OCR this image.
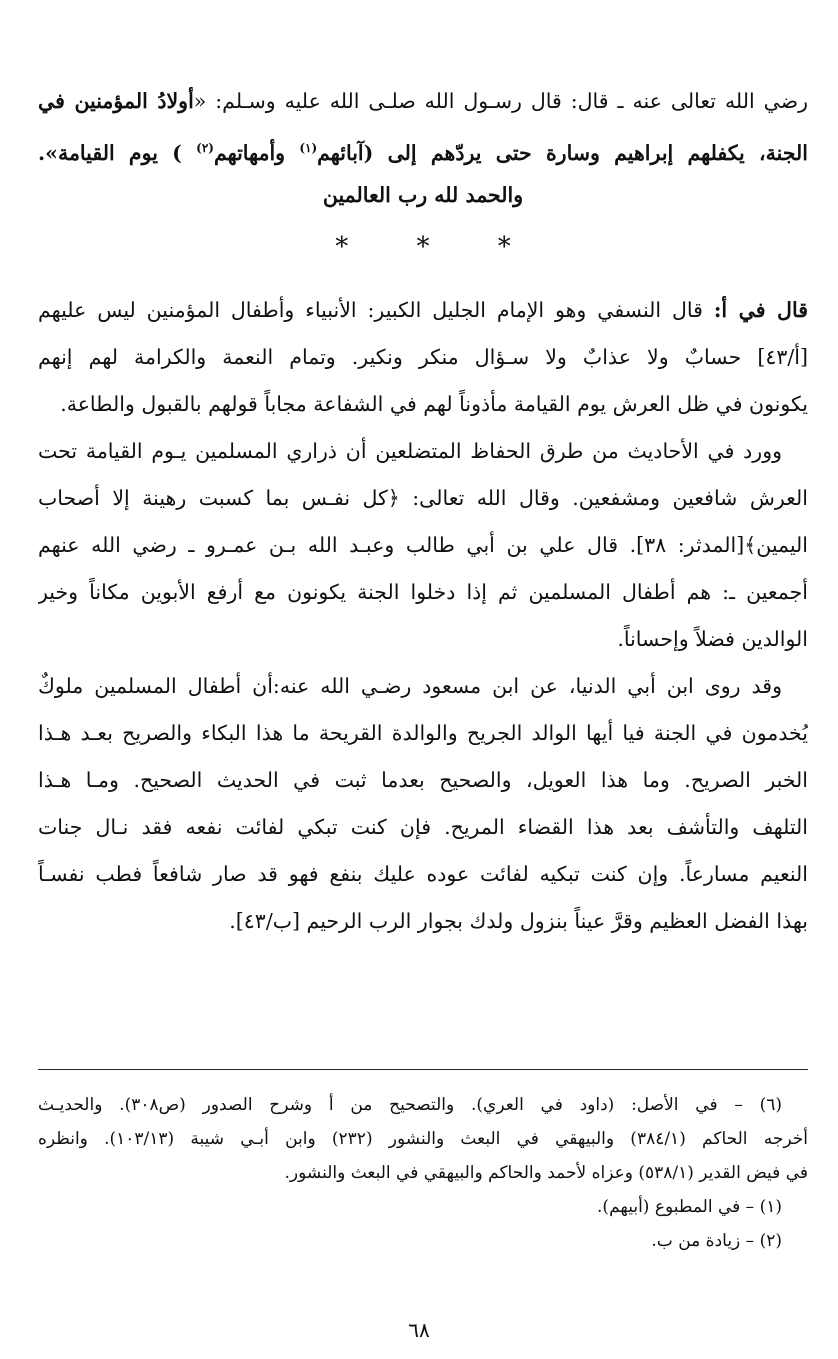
رضي الله تعالى عنه ـ قال: قال رسـول الله صلـى الله عليه وسـلم: «أولادُ المؤمنين في
الجنة، يكفلهم إبراهيم وسارة حتى يردّهم إلى (آبائهم$^{(١)}$ وأمهاتهم$^{(٢)}$ ) يوم القيامة».
والحمد لله رب العالمين
* * *
قال في أ: قال النسفي وهو الإمام الجليل الكبير: الأنبياء وأطفال المؤمنين ليس عليهم
[أ/٤٣] حسابٌ ولا عذابٌ ولا سـؤال منكر ونكير. وتمام النعمة والكرامة لهم إنهم
يكونون في ظل العرش يوم القيامة مأذوناً لهم في الشفاعة مجاباً قولهم بالقبول والطاعة.
وورد في الأحاديث من طرق الحفاظ المتضلعين أن ذراري المسلمين يـوم القيامة تحت
العرش شافعين ومشفعين. وقال الله تعالى: ﴿كل نفـس بما كسبت رهينة إلا أصحاب
اليمين﴾[المدثر: ٣٨]. قال علي بن أبي طالب وعبـد الله بـن عمـرو ـ رضي الله عنهم
أجمعين ـ: هم أطفال المسلمين ثم إذا دخلوا الجنة يكونون مع أرفع الأبوين مكاناً وخير
الوالدين فضلاً وإحساناً.
وقد روى ابن أبي الدنيا، عن ابن مسعود رضـي الله عنه:أن أطفال المسلمين ملوكٌ
يُخدمون في الجنة فيا أيها الوالد الجريح والوالدة القريحة ما هذا البكاء والصريح بعـد هـذا
الخبر الصريح. وما هذا العويل، والصحيح بعدما ثبت في الحديث الصحيح. ومـا هـذا
التلهف والتأشف بعد هذا القضاء المريح. فإن كنت تبكي لفائت نفعه فقد نـال جنات
النعيم مسارعاً. وإن كنت تبكيه لفائت عوده عليك بنفع فهو قد صار شافعاً فطب نفسـاً
بهذا الفضل العظيم وقرَّ عيناً بنزول ولدك بجوار الرب الرحيم [ب/٤٣].
(٦) – في الأصل: (داود في العري). والتصحيح من أ وشرح الصدور (ص٣٠٨). والحديـث
أخرجه الحاكم (٣٨٤/١) والبيهقي في البعث والنشور (٢٣٢) وابن أبـي شيبة (١٠٣/١٣). وانظره
في فيض القدير (٥٣٨/١) وعزاه لأحمد والحاكم والبيهقي في البعث والنشور.
(١) – في المطبوع (أبيهم).
(٢) – زيادة من ب.
٦٨
